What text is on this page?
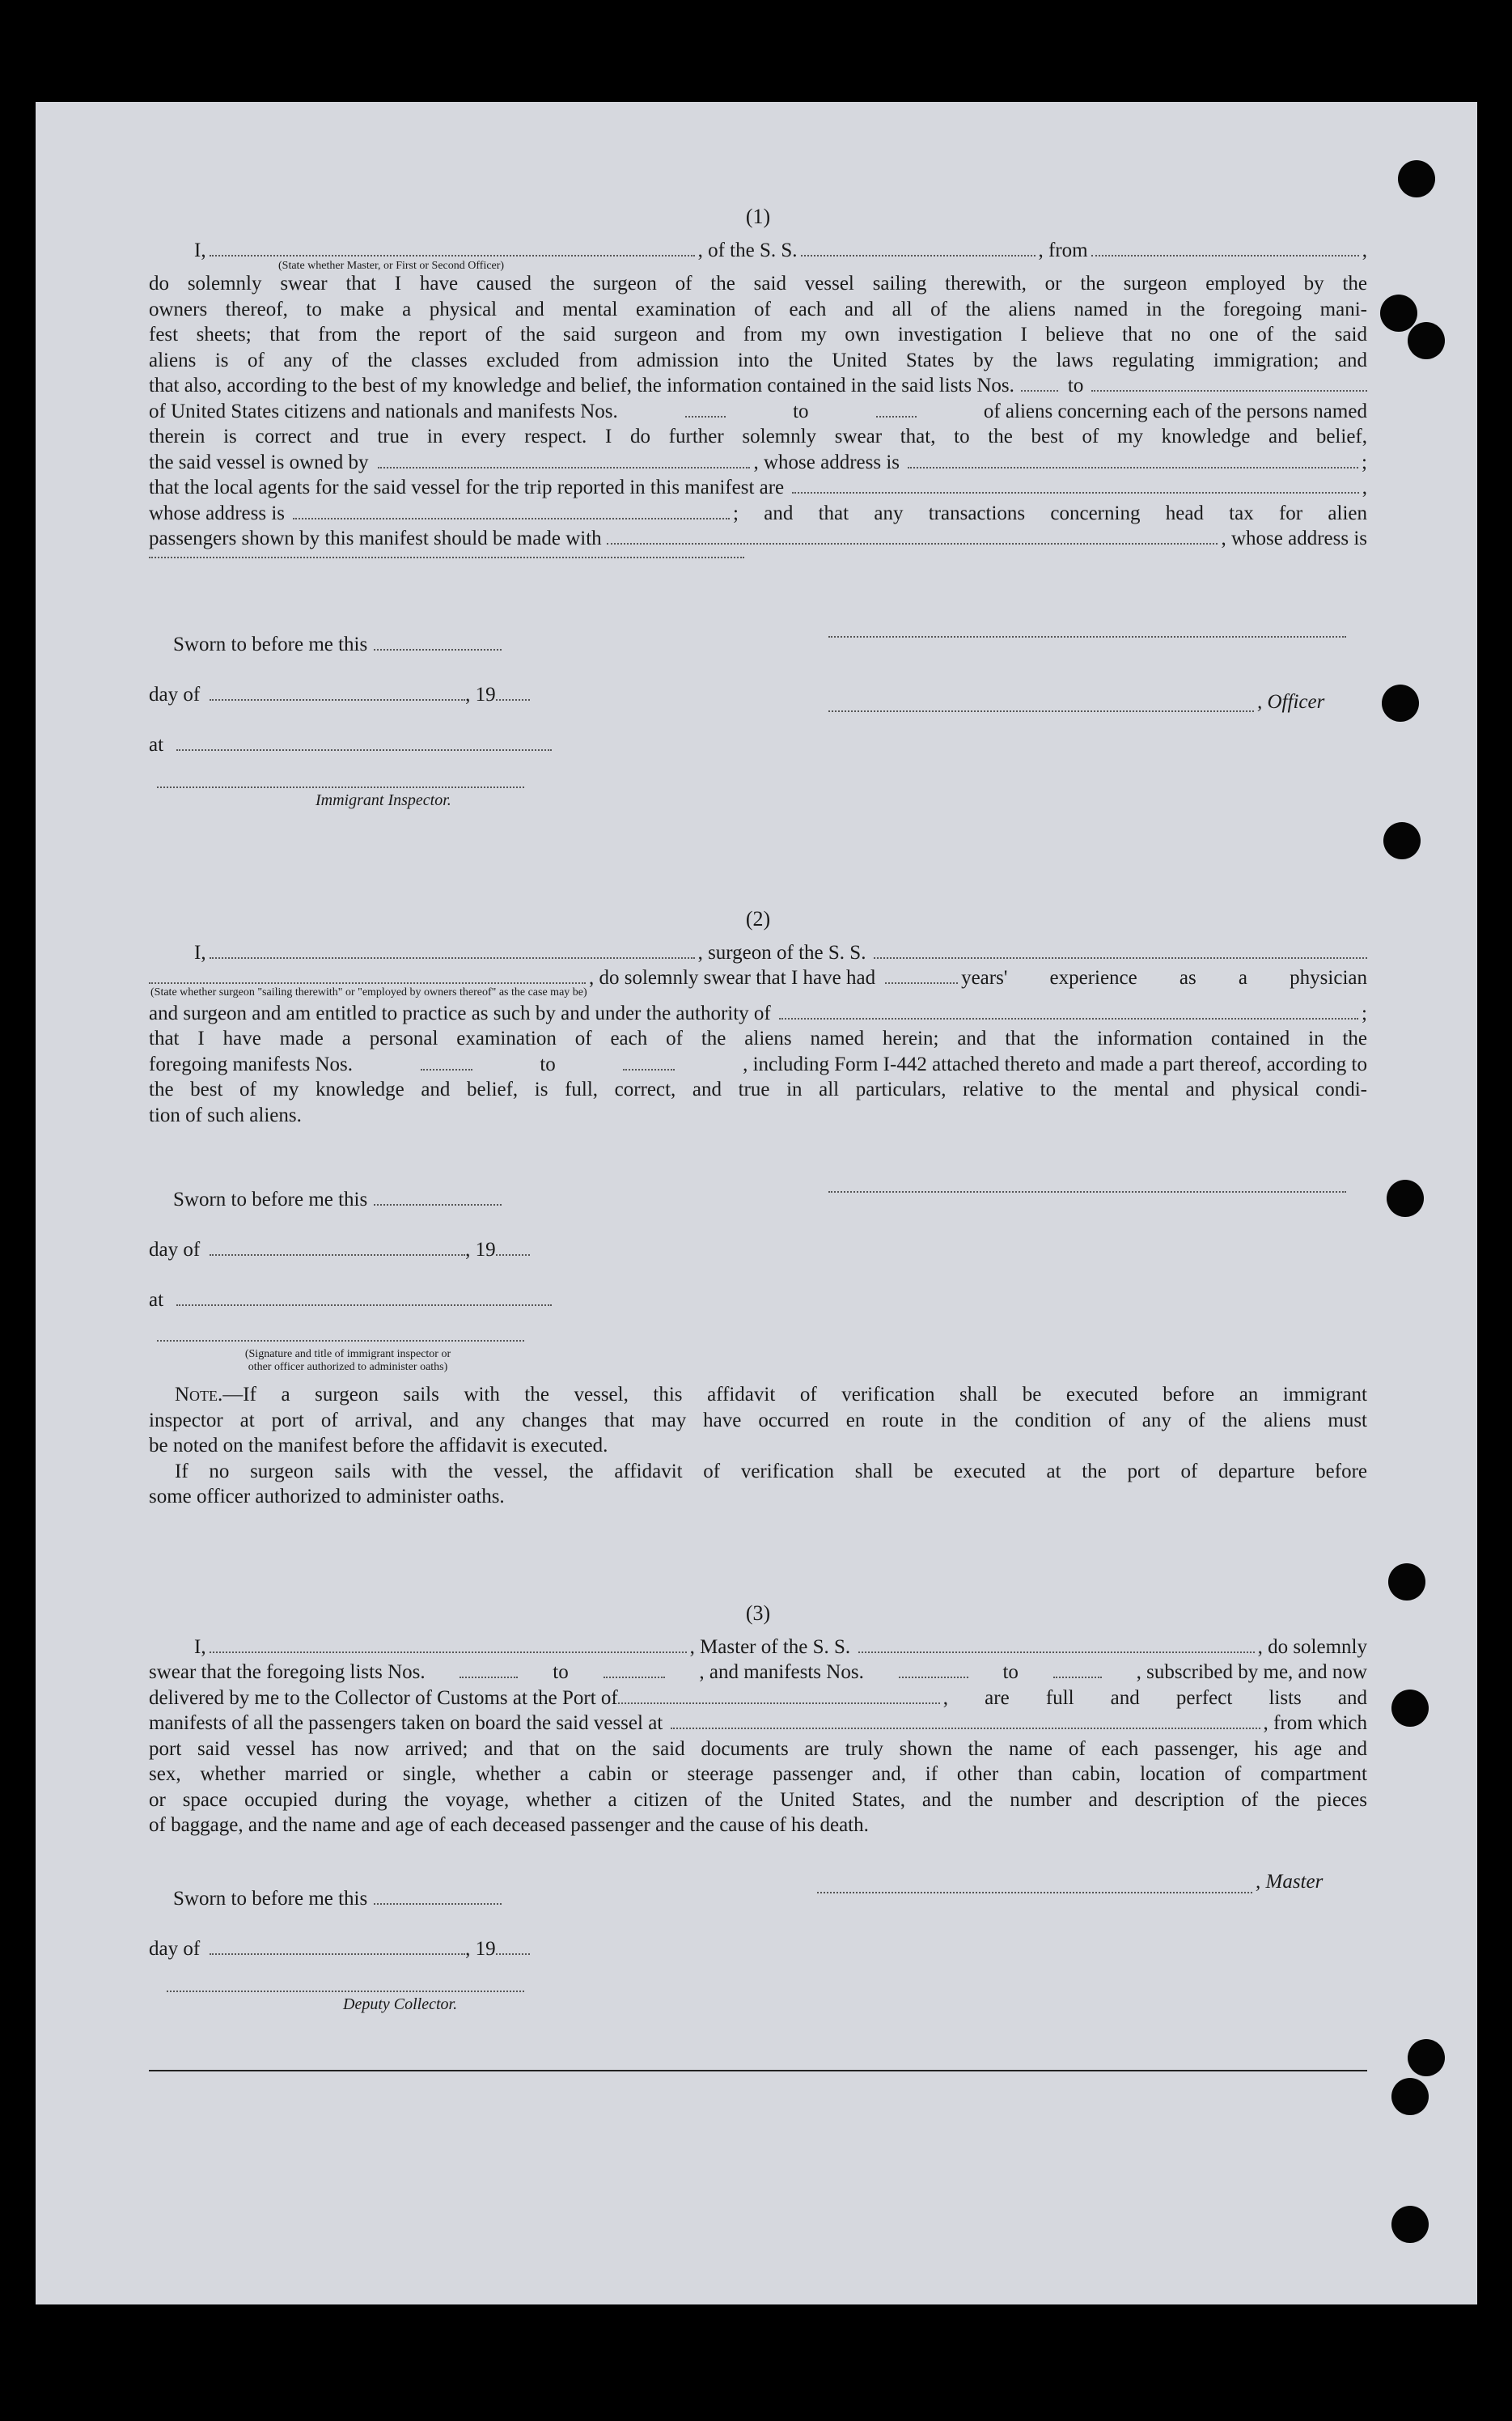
(1)
I,	, of the S. S.	, from	,
(State whether Master, or First or Second Officer)
do solemnly swear that I have caused the surgeon of the said vessel sailing therewith, or the surgeon employed by the
owners thereof, to make a physical and mental examination of each and all of the aliens named in the foregoing mani-
fest sheets; that from the report of the said surgeon and from my own investigation I believe that no one of the said
aliens is of any of the classes excluded from admission into the United States by the laws regulating immigration; and
that also, according to the best of my knowledge and belief, the information contained in the said lists Nos.	to
of United States citizens and nationals and manifests Nos.	to	of aliens concerning each of the persons named
therein is correct and true in every respect. I do further solemnly swear that, to the best of my knowledge and belief,
the said vessel is owned by	, whose address is	;
that the local agents for the said vessel for the trip reported in this manifest are	,
whose address is	; and that any transactions concerning head tax for alien
passengers shown by this manifest should be made with	, whose address is
Sworn to before me this
day of	, 19
at
, Officer
Immigrant Inspector.
(2)
I,	, surgeon of the S. S.
, do solemnly swear that I have had	years' experience as a physician
(State whether surgeon "sailing therewith" or "employed by owners thereof" as the case may be)
and surgeon and am entitled to practice as such by and under the authority of	;
that I have made a personal examination of each of the aliens named herein; and that the information contained in the
foregoing manifests Nos.	to	, including Form I-442 attached thereto and made a part thereof, according to
the best of my knowledge and belief, is full, correct, and true in all particulars, relative to the mental and physical condi-
tion of such aliens.
Sworn to before me this
day of	, 19
at
(Signature and title of immigrant inspector or
other officer authorized to administer oaths)
Note.—If a surgeon sails with the vessel, this affidavit of verification shall be executed before an immigrant
inspector at port of arrival, and any changes that may have occurred en route in the condition of any of the aliens must
be noted on the manifest before the affidavit is executed.
If no surgeon sails with the vessel, the affidavit of verification shall be executed at the port of departure before
some officer authorized to administer oaths.
(3)
I,	, Master of the S. S.	, do solemnly
swear that the foregoing lists Nos.	to	, and manifests Nos.	to	, subscribed by me, and now
delivered by me to the Collector of Customs at the Port of	, are full and perfect lists and
manifests of all the passengers taken on board the said vessel at	, from which
port said vessel has now arrived; and that on the said documents are truly shown the name of each passenger, his age and
sex, whether married or single, whether a cabin or steerage passenger and, if other than cabin, location of compartment
or space occupied during the voyage, whether a citizen of the United States, and the number and description of the pieces
of baggage, and the name and age of each deceased passenger and the cause of his death.
Sworn to before me this
day of	, 19
, Master
Deputy Collector.
